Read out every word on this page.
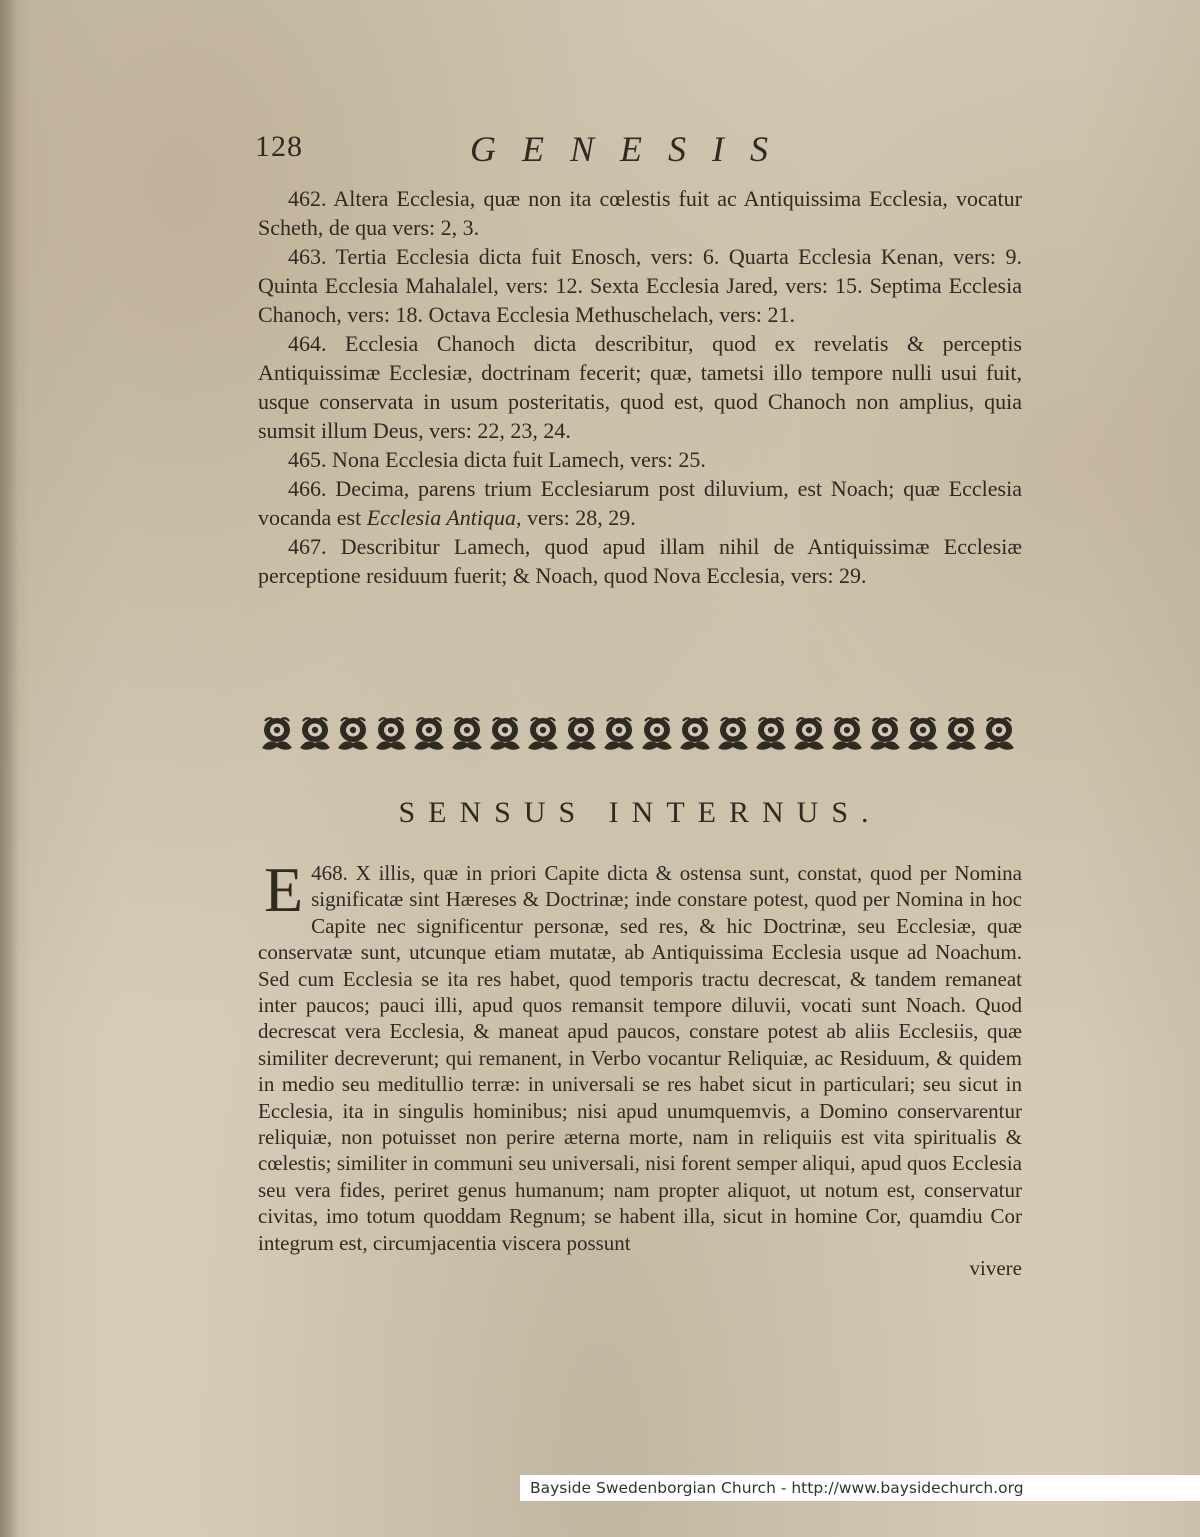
128	GENESIS

462. Altera Ecclesia, quæ non ita cœlestis fuit ac Antiquissima Ecclesia, vocatur Scheth, de qua vers: 2, 3.

463. Tertia Ecclesia dicta fuit Enosch, vers: 6. Quarta Ecclesia Kenan, vers: 9. Quinta Ecclesia Mahalalel, vers: 12. Sexta Ecclesia Jared, vers: 15. Septima Ecclesia Chanoch, vers: 18. Octava Ecclesia Methuschelach, vers: 21.

464. Ecclesia Chanoch dicta describitur, quod ex revelatis & perceptis Antiquissimæ Ecclesiæ, doctrinam fecerit; quæ, tametsi illo tempore nulli usui fuit, usque conservata in usum posteritatis, quod est, quod Chanoch non amplius, quia sumsit illum Deus, vers: 22, 23, 24.

465. Nona Ecclesia dicta fuit Lamech, vers: 25.

466. Decima, parens trium Ecclesiarum post diluvium, est Noach; quæ Ecclesia vocanda est Ecclesia Antiqua, vers: 28, 29.

467. Describitur Lamech, quod apud illam nihil de Antiquissimæ Ecclesiæ perceptione residuum fuerit; & Noach, quod Nova Ecclesia, vers: 29.

SENSUS INTERNUS.

468.
E	X illis, quæ in priori Capite dicta & ostensa sunt, constat, quod per Nomina significatæ sint Hæreses & Doctrinæ; inde constare potest, quod per Nomina in hoc Capite nec significentur personæ, sed res, & hic Doctrinæ, seu Ecclesiæ, quæ conservatæ sunt, utcunque etiam mutatæ, ab Antiquissima Ecclesia usque ad Noachum. Sed cum Ecclesia se ita res habet, quod temporis tractu decrescat, & tandem remaneat inter paucos; pauci illi, apud quos remansit tempore diluvii, vocati sunt Noach. Quod decrescat vera Ecclesia, & maneat apud paucos, constare potest ab aliis Ecclesiis, quæ similiter decreverunt; qui remanent, in Verbo vocantur Reliquiæ, ac Residuum, & quidem in medio seu meditullio terræ: in universali se res habet sicut in particulari; seu sicut in Ecclesia, ita in singulis hominibus; nisi apud unumquemvis, a Domino conservarentur reliquiæ, non potuisset non perire æterna morte, nam in reliquiis est vita spiritualis & cœlestis; similiter in communi seu universali, nisi forent semper aliqui, apud quos Ecclesia seu vera fides, periret genus humanum; nam propter aliquot, ut notum est, conservatur civitas, imo totum quoddam Regnum; se habent illa, sicut in homine Cor, quamdiu Cor integrum est, circumjacentia viscera possunt

vivere
Bayside Swedenborgian Church - http://www.baysidechurch.org
